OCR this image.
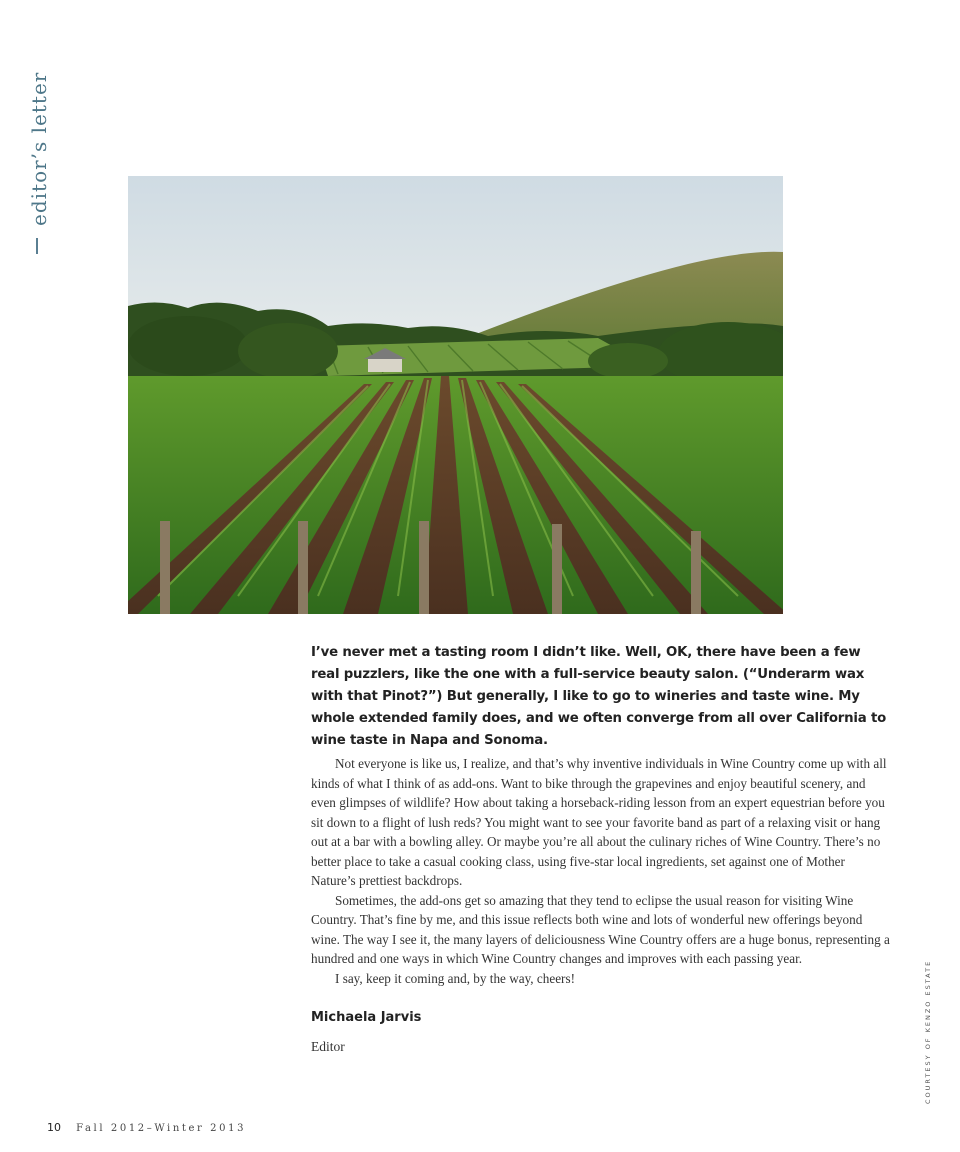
editor’s letter
COURTESY OF KENZO ESTATE

I’ve never met a tasting room I didn’t like. Well, OK, there have been a few real puzzlers, like the one with a full-service beauty salon. (“Underarm wax with that Pinot?”) But generally, I like to go to wineries and taste wine. My whole extended family does, and we often converge from all over California to wine taste in Napa and Sonoma.

Not everyone is like us, I realize, and that’s why inventive individuals in Wine Country come up with all kinds of what I think of as add-ons. Want to bike through the grapevines and enjoy beautiful scenery, and even glimpses of wildlife? How about taking a horseback-riding lesson from an expert equestrian before you sit down to a flight of lush reds? You might want to see your favorite band as part of a relaxing visit or hang out at a bar with a bowling alley. Or maybe you’re all about the culinary riches of Wine Country. There’s no better place to take a casual cooking class, using five-star local ingredients, set against one of Mother Nature’s prettiest backdrops.

Sometimes, the add-ons get so amazing that they tend to eclipse the usual reason for visiting Wine Country. That’s fine by me, and this issue reflects both wine and lots of wonderful new offerings beyond wine. The way I see it, the many layers of deliciousness Wine Country offers are a huge bonus, representing a hundred and one ways in which Wine Country changes and improves with each passing year.

I say, keep it coming and, by the way, cheers!

Michaela Jarvis
Editor
10 Fall 2012–Winter 2013
